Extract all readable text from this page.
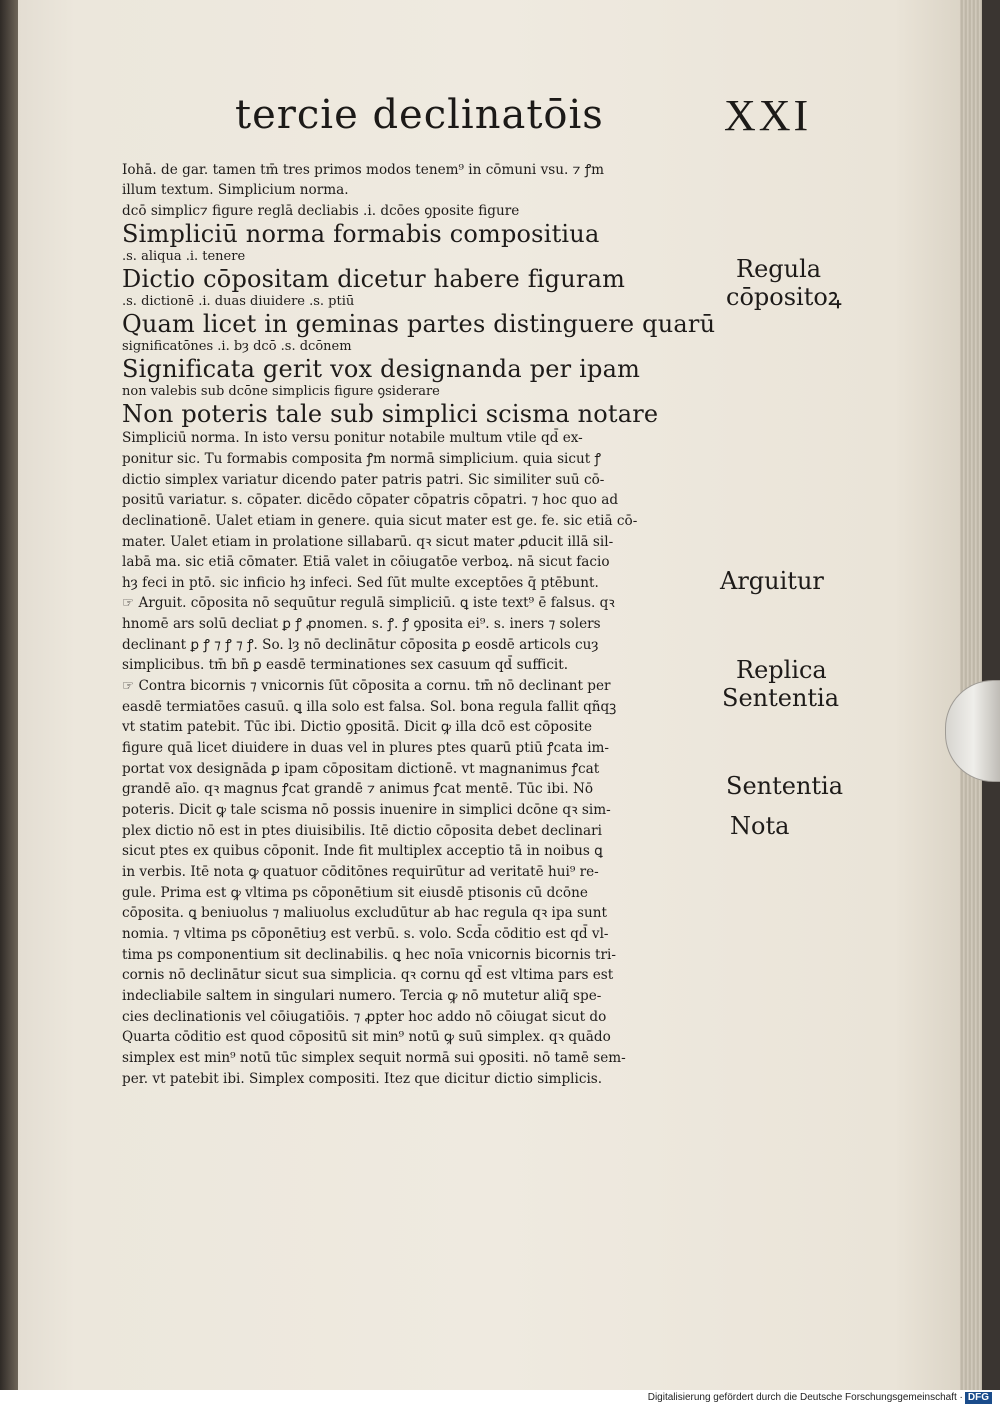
tercie declinatōis	XXI
Iohā. de gar. tamen tm̄ tres primos modos tenem⁹ in cōmuni vsu. ⁊ ꝭm
illum textum. Simplicium norma.
dcō simplic⁊ figure reglā decliabis .i. dcōes ꝯposite figure
Simpliciū norma formabis compositiua
.s. aliqua .i. tenere
Dictio cōpositam dicetur habere figuram
.s. dictionē .i. duas diuidere .s. ptiū
Quam licet in geminas partes distinguere quarū
significatōnes .i. bȝ dcō .s. dcōnem
Significata gerit vox designanda per ipam
non valebis sub dcōne simplicis figure ꝯsiderare
Non poteris tale sub simplici scisma notare
Simpliciū norma. In isto versu ponitur notabile multum vtile qd̄ ex-
ponitur sic. Tu formabis composita ꝭm normā simplicium. quia sicut ꝭ
dictio simplex variatur dicendo pater patris patri. Sic similiter suū cō-
positū variatur. s. cōpater. dicēdo cōpater cōpatris cōpatri. ⁊ hoc quo ad
declinationē. Ualet etiam in genere. quia sicut mater est ge. fe. sic etiā cō-
mater. Ualet etiam in prolatione sillabarū. qꝛ sicut mater ꝓducit illā sil-
labā ma. sic etiā cōmater. Etiā valet in cōiugatōe verboꝝ. nā sicut facio
hȝ feci in ptō. sic inficio hȝ infeci. Sed ſūt multe exceptōes q̄ ptēbunt.
☞ Arguit. cōposita nō sequūtur regulā simpliciū. ꝗ iste text⁹ ē falsus. qꝛ
hnomē ars solū decliat ꝑ ꝭ ꝓnomen. s. ꝭ. ꝭ ꝯposita ei⁹. s. iners ⁊ solers
declinant ꝑ ꝭ ⁊ ꝭ ⁊ ꝭ. So. lȝ nō declinātur cōposita ꝑ eosdē articols cuȝ
simplicibus. tm̄ bn̄ ꝑ easdē terminationes sex casuum qd̄ sufficit.
☞ Contra bicornis ⁊ vnicornis ſūt cōposita a cornu. tm̄ nō declinant per
easdē termiatōes casuū. ꝗ illa solo est falsa. Sol. bona regula fallit qñqꝫ
vt statim patebit. Tūc ibi. Dictio ꝯpositā. Dicit ꝙ illa dcō est cōposite
figure quā licet diuidere in duas vel in plures ptes quarū ptiū ꝭcata im-
portat vox designāda ꝑ ipam cōpositam dictionē. vt magnanimus ꝭcat
grandē aīo. qꝛ magnus ꝭcat grandē ⁊ animus ꝭcat mentē. Tūc ibi. Nō
poteris. Dicit ꝙ tale scisma nō possis inuenire in simplici dcōne qꝛ sim-
plex dictio nō est in ptes diuisibilis. Itē dictio cōposita debet declinari
sicut ptes ex quibus cōponit. Inde fit multiplex acceptio tā in noibus ꝗ
in verbis. Itē nota ꝙ quatuor cōditōnes requirūtur ad veritatē hui⁹ re-
gule. Prima est ꝙ vltima ps cōponētium sit eiusdē ptisonis cū dcōne
cōposita. ꝗ beniuolus ⁊ maliuolus excludūtur ab hac regula qꝛ ipa sunt
nomia. ⁊ vltima ps cōponētiuȝ est verbū. s. volo. Scd̄a cōditio est qd̄ vl-
tima ps componentium sit declinabilis. ꝗ hec noīa vnicornis bicornis tri-
cornis nō declinātur sicut sua simplicia. qꝛ cornu qd̄ est vltima pars est
indecliabile saltem in singulari numero. Tercia ꝙ nō mutetur aliq̄ spe-
cies declinationis vel cōiugatiōis. ⁊ ꝓpter hoc addo nō cōiugat sicut do
Quarta cōditio est quod cōpositū sit min⁹ notū ꝙ suū simplex. qꝛ quādo
simplex est min⁹ notū tūc simplex sequit normā sui ꝯpositi. nō tamē sem-
per. vt patebit ibi. Simplex compositi. Itez que dicitur dictio simplicis.
Regula
cōpositoꝝ
Arguitur
Replica
Sententia
Sententia
Nota
Digitalisierung gefördert durch die Deutsche Forschungsgemeinschaft · DFG
